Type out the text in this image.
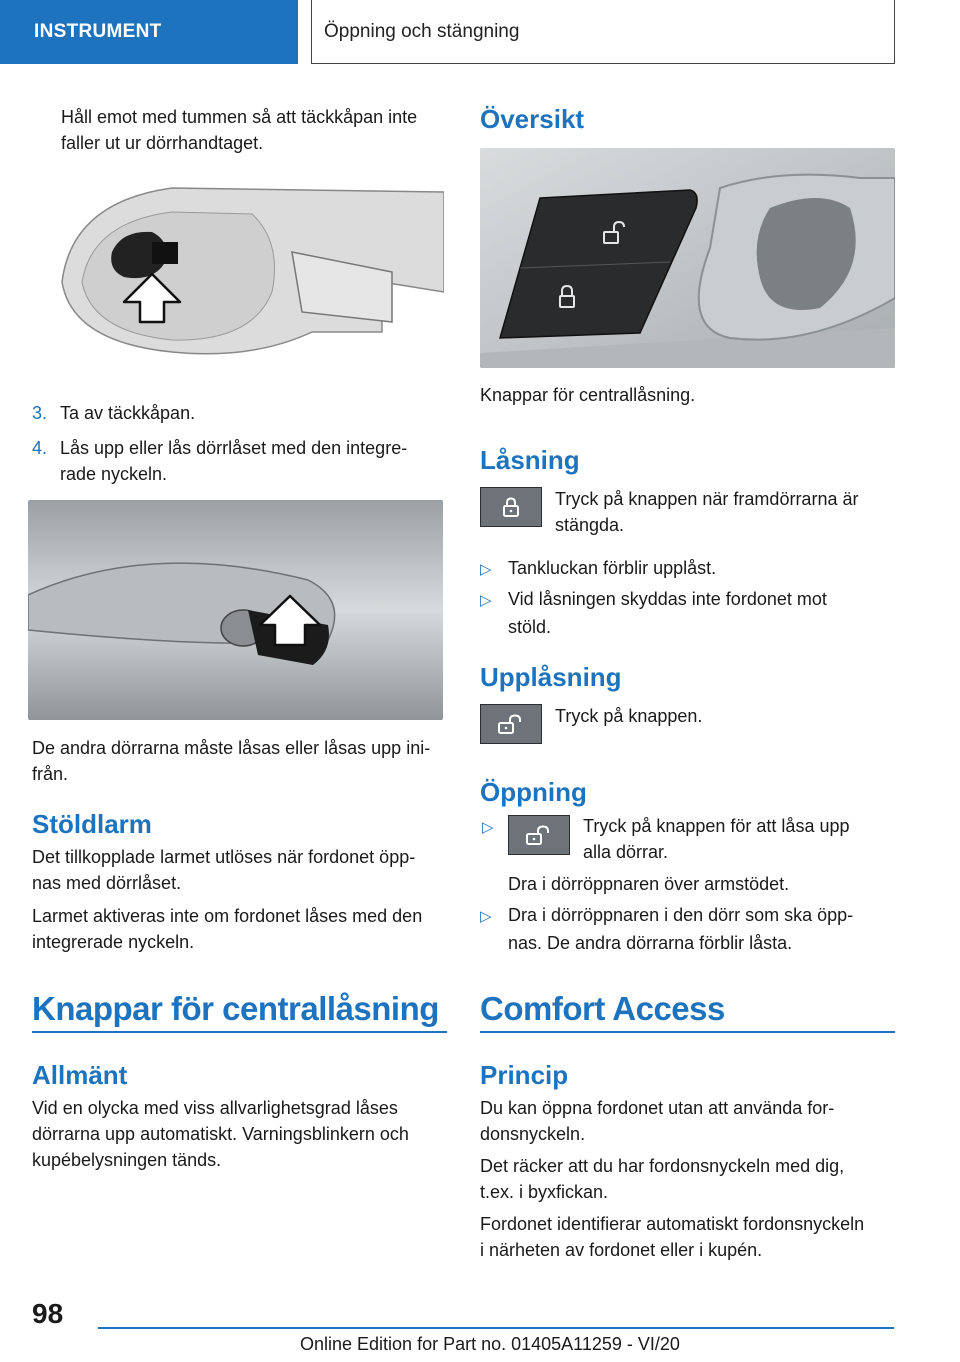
INSTRUMENT	Öppning och stängning
Håll emot med tummen så att täckkåpan inte
faller ut ur dörrhandtaget.
3. Ta av täckkåpan.
4. Lås upp eller lås dörrlåset med den integre‐
rade nyckeln.
De andra dörrarna måste låsas eller låsas upp ini‐
från.
Stöldlarm
Det tillkopplade larmet utlöses när fordonet öpp‐
nas med dörrlåset.
Larmet aktiveras inte om fordonet låses med den
integrerade nyckeln.
Knappar för centrallåsning
Allmänt
Vid en olycka med viss allvarlighetsgrad låses
dörrarna upp automatiskt. Varningsblinkern och
kupébelysningen tänds.
Översikt
Knappar för centrallåsning.
Låsning
Tryck på knappen när framdörrarna är
stängda.
▷ Tankluckan förblir upplåst.
▷ Vid låsningen skyddas inte fordonet mot
stöld.
Upplåsning
Tryck på knappen.
Öppning
▷	Tryck på knappen för att låsa upp
alla dörrar.
Dra i dörröppnaren över armstödet.
▷ Dra i dörröppnaren i den dörr som ska öpp‐
nas. De andra dörrarna förblir låsta.
Comfort Access
Princip
Du kan öppna fordonet utan att använda for‐
donsnyckeln.
Det räcker att du har fordonsnyckeln med dig,
t.ex. i byxfickan.
Fordonet identifierar automatiskt fordonsnyckeln
i närheten av fordonet eller i kupén.
98
Online Edition for Part no. 01405A11259 - VI/20
